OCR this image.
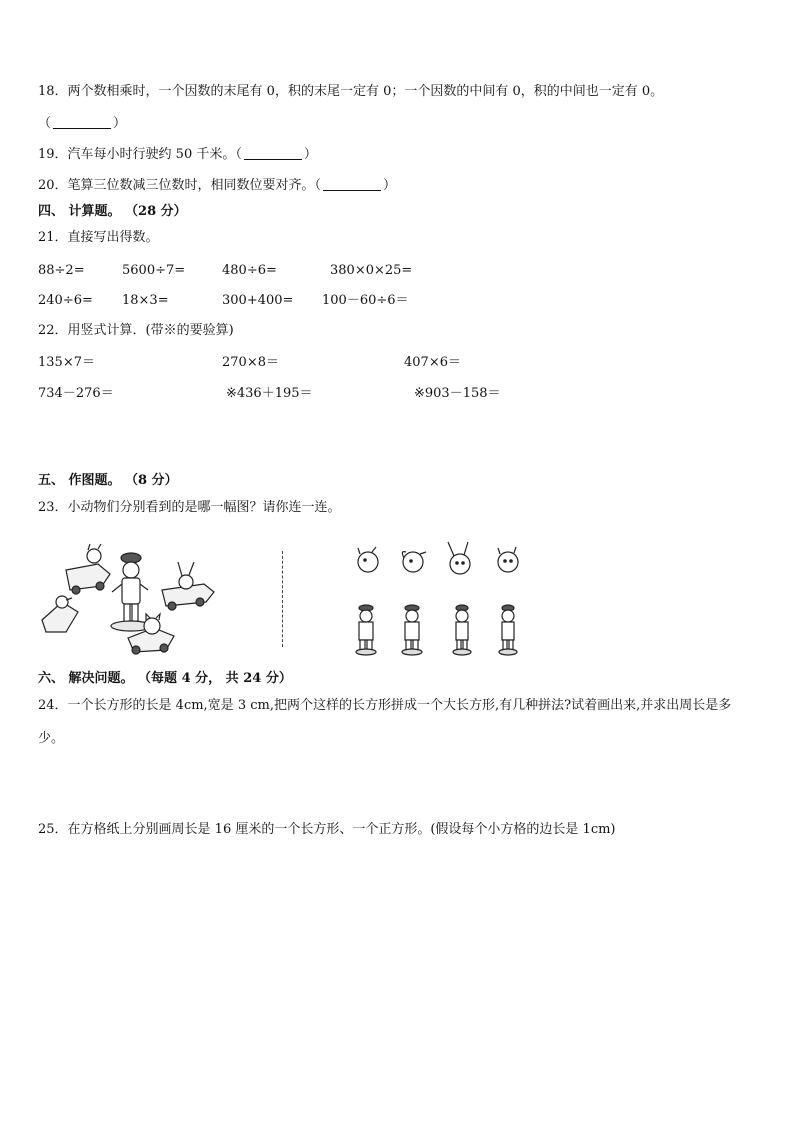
18．两个数相乘时，一个因数的末尾有 0，积的末尾一定有 0；一个因数的中间有 0，积的中间也一定有 0。
（	）
19．汽车每小时行驶约 50 千米。（	）
20．笔算三位数减三位数时，相同数位要对齐。（	）
四、 计算题。 （28 分）
21．直接写出得数。
88÷2=	5600÷7=	480÷6=	380×0×25=
240÷6= 18×3=	300+400= 100－60÷6＝
22．用竖式计算．(带※的要验算)
135×7＝	270×8＝	407×6＝
734－276＝	※436＋195＝	※903－158＝
五、 作图题。 （8 分）
23．小动物们分别看到的是哪一幅图？请你连一连。
六、 解决问题。 （每题 4 分， 共 24 分）
24．一个长方形的长是 4cm,宽是 3 cm,把两个这样的长方形拼成一个大长方形,有几种拼法?试着画出来,并求出周长是多
少。
25．在方格纸上分别画周长是 16 厘米的一个长方形、一个正方形。(假设每个小方格的边长是 1cm)
